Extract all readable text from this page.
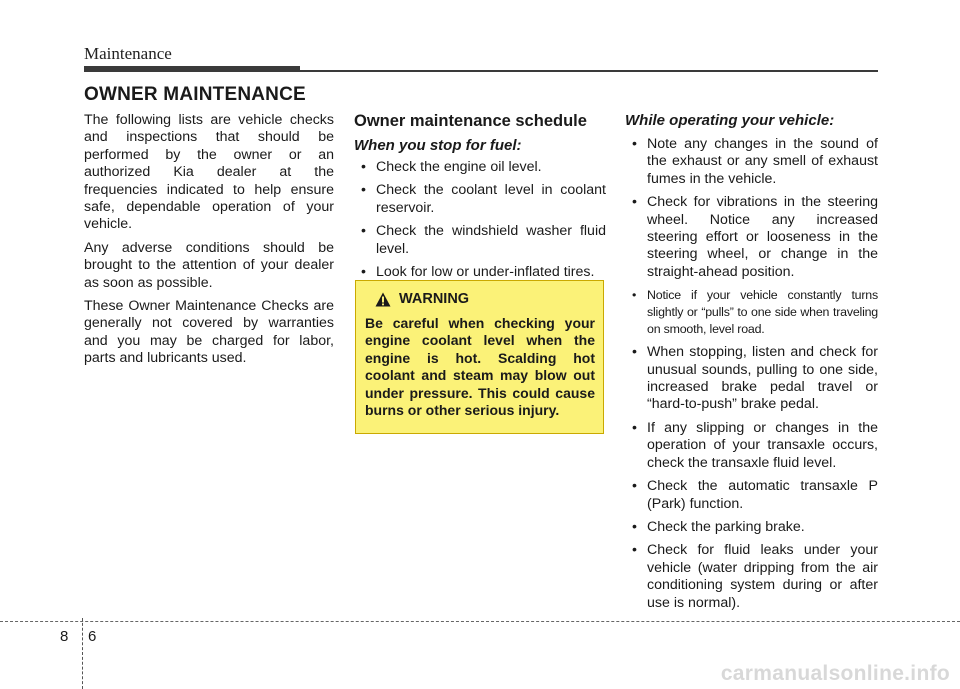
Maintenance
OWNER MAINTENANCE

The following lists are vehicle checks and inspections that should be performed by the owner or an authorized Kia dealer at the frequencies indicated to help ensure safe, dependable operation of your vehicle.

Any adverse conditions should be brought to the attention of your dealer as soon as possible.

These Owner Maintenance Checks are generally not covered by warranties and you may be charged for labor, parts and lubricants used.

Owner maintenance schedule
When you stop for fuel:
• Check the engine oil level.
• Check the coolant level in coolant reservoir.
• Check the windshield washer fluid level.
• Look for low or under-inflated tires.
WARNING
Be careful when checking your engine coolant level when the engine is hot. Scalding hot coolant and steam may blow out under pressure. This could cause burns or other serious injury.
While operating your vehicle:
• Note any changes in the sound of the exhaust or any smell of exhaust fumes in the vehicle.
• Check for vibrations in the steering wheel. Notice any increased steering effort or looseness in the steering wheel, or change in the straight-ahead position.
• Notice if your vehicle constantly turns slightly or “pulls” to one side when traveling on smooth, level road.
• When stopping, listen and check for unusual sounds, pulling to one side, increased brake pedal travel or “hard-to-push” brake pedal.
• If any slipping or changes in the operation of your transaxle occurs, check the transaxle fluid level.
• Check the automatic transaxle P (Park) function.
• Check the parking brake.
• Check for fluid leaks under your vehicle (water dripping from the air conditioning system during or after use is normal).
8 6
carmanualsonline.info
